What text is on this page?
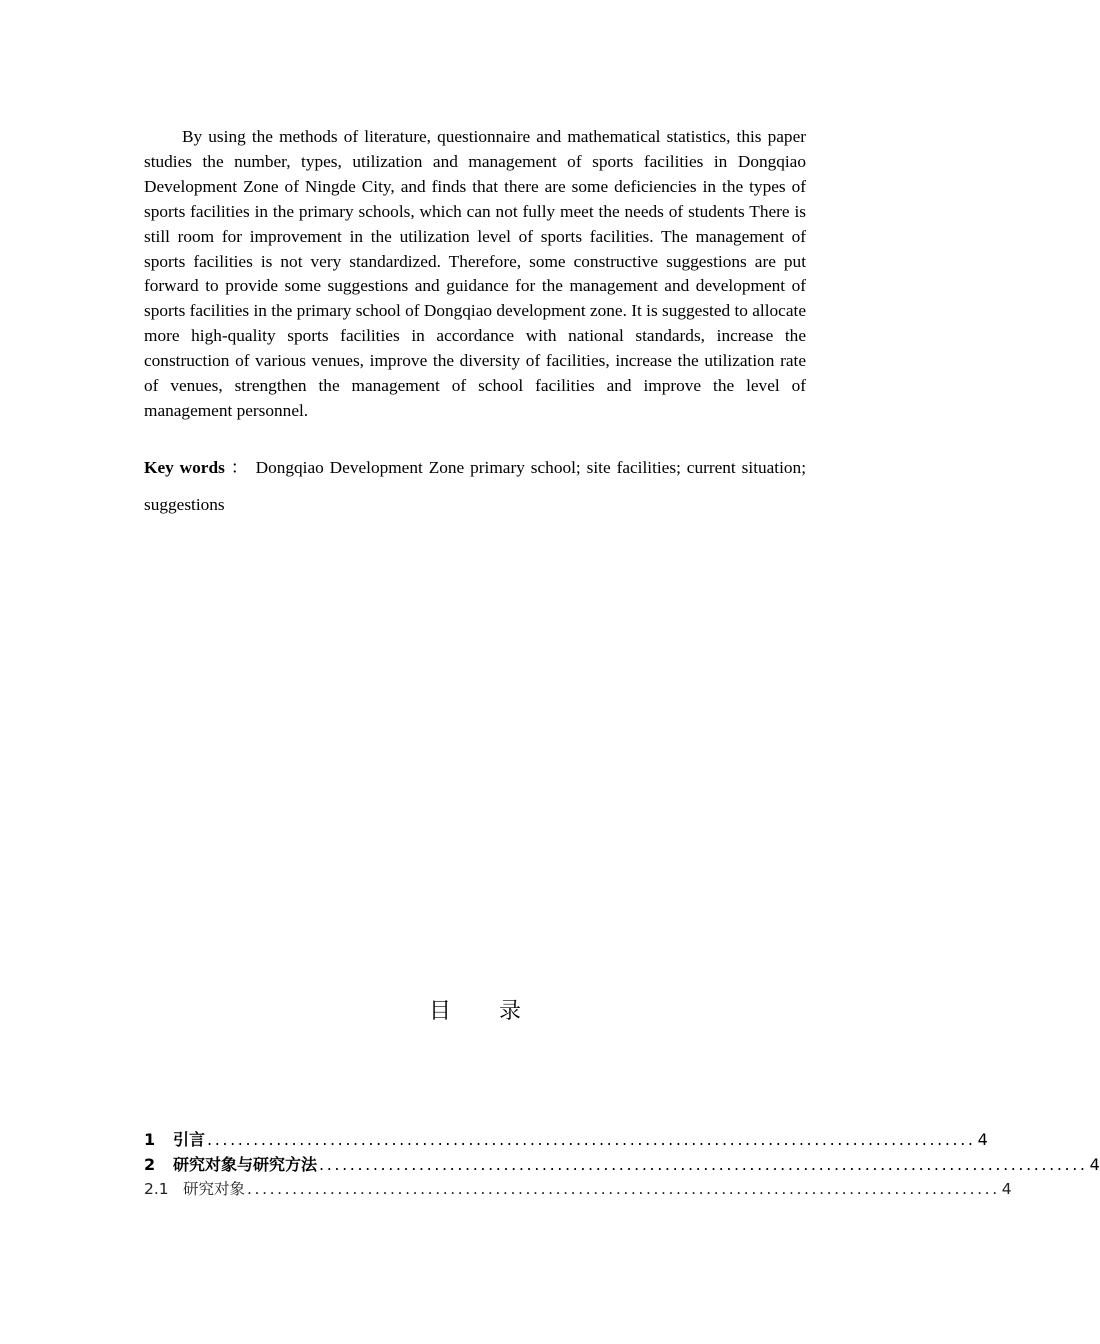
By using the methods of literature, questionnaire and mathematical statistics, this paper studies the number, types, utilization and management of sports facilities in Dongqiao Development Zone of Ningde City, and finds that there are some deficiencies in the types of sports facilities in the primary schools, which can not fully meet the needs of students There is still room for improvement in the utilization level of sports facilities. The management of sports facilities is not very standardized. Therefore, some constructive suggestions are put forward to provide some suggestions and guidance for the management and development of sports facilities in the primary school of Dongqiao development zone. It is suggested to allocate more high-quality sports facilities in accordance with national standards, increase the construction of various venues, improve the diversity of facilities, increase the utilization rate of venues, strengthen the management of school facilities and improve the level of management personnel.

Key words ： Dongqiao Development Zone primary school; site facilities; current situation; suggestions

目 录
1	引言 .................................................................................................... 4
2	研究对象与研究方法 .................................................................................................... 4
2.1 研究对象 .................................................................................................... 4
